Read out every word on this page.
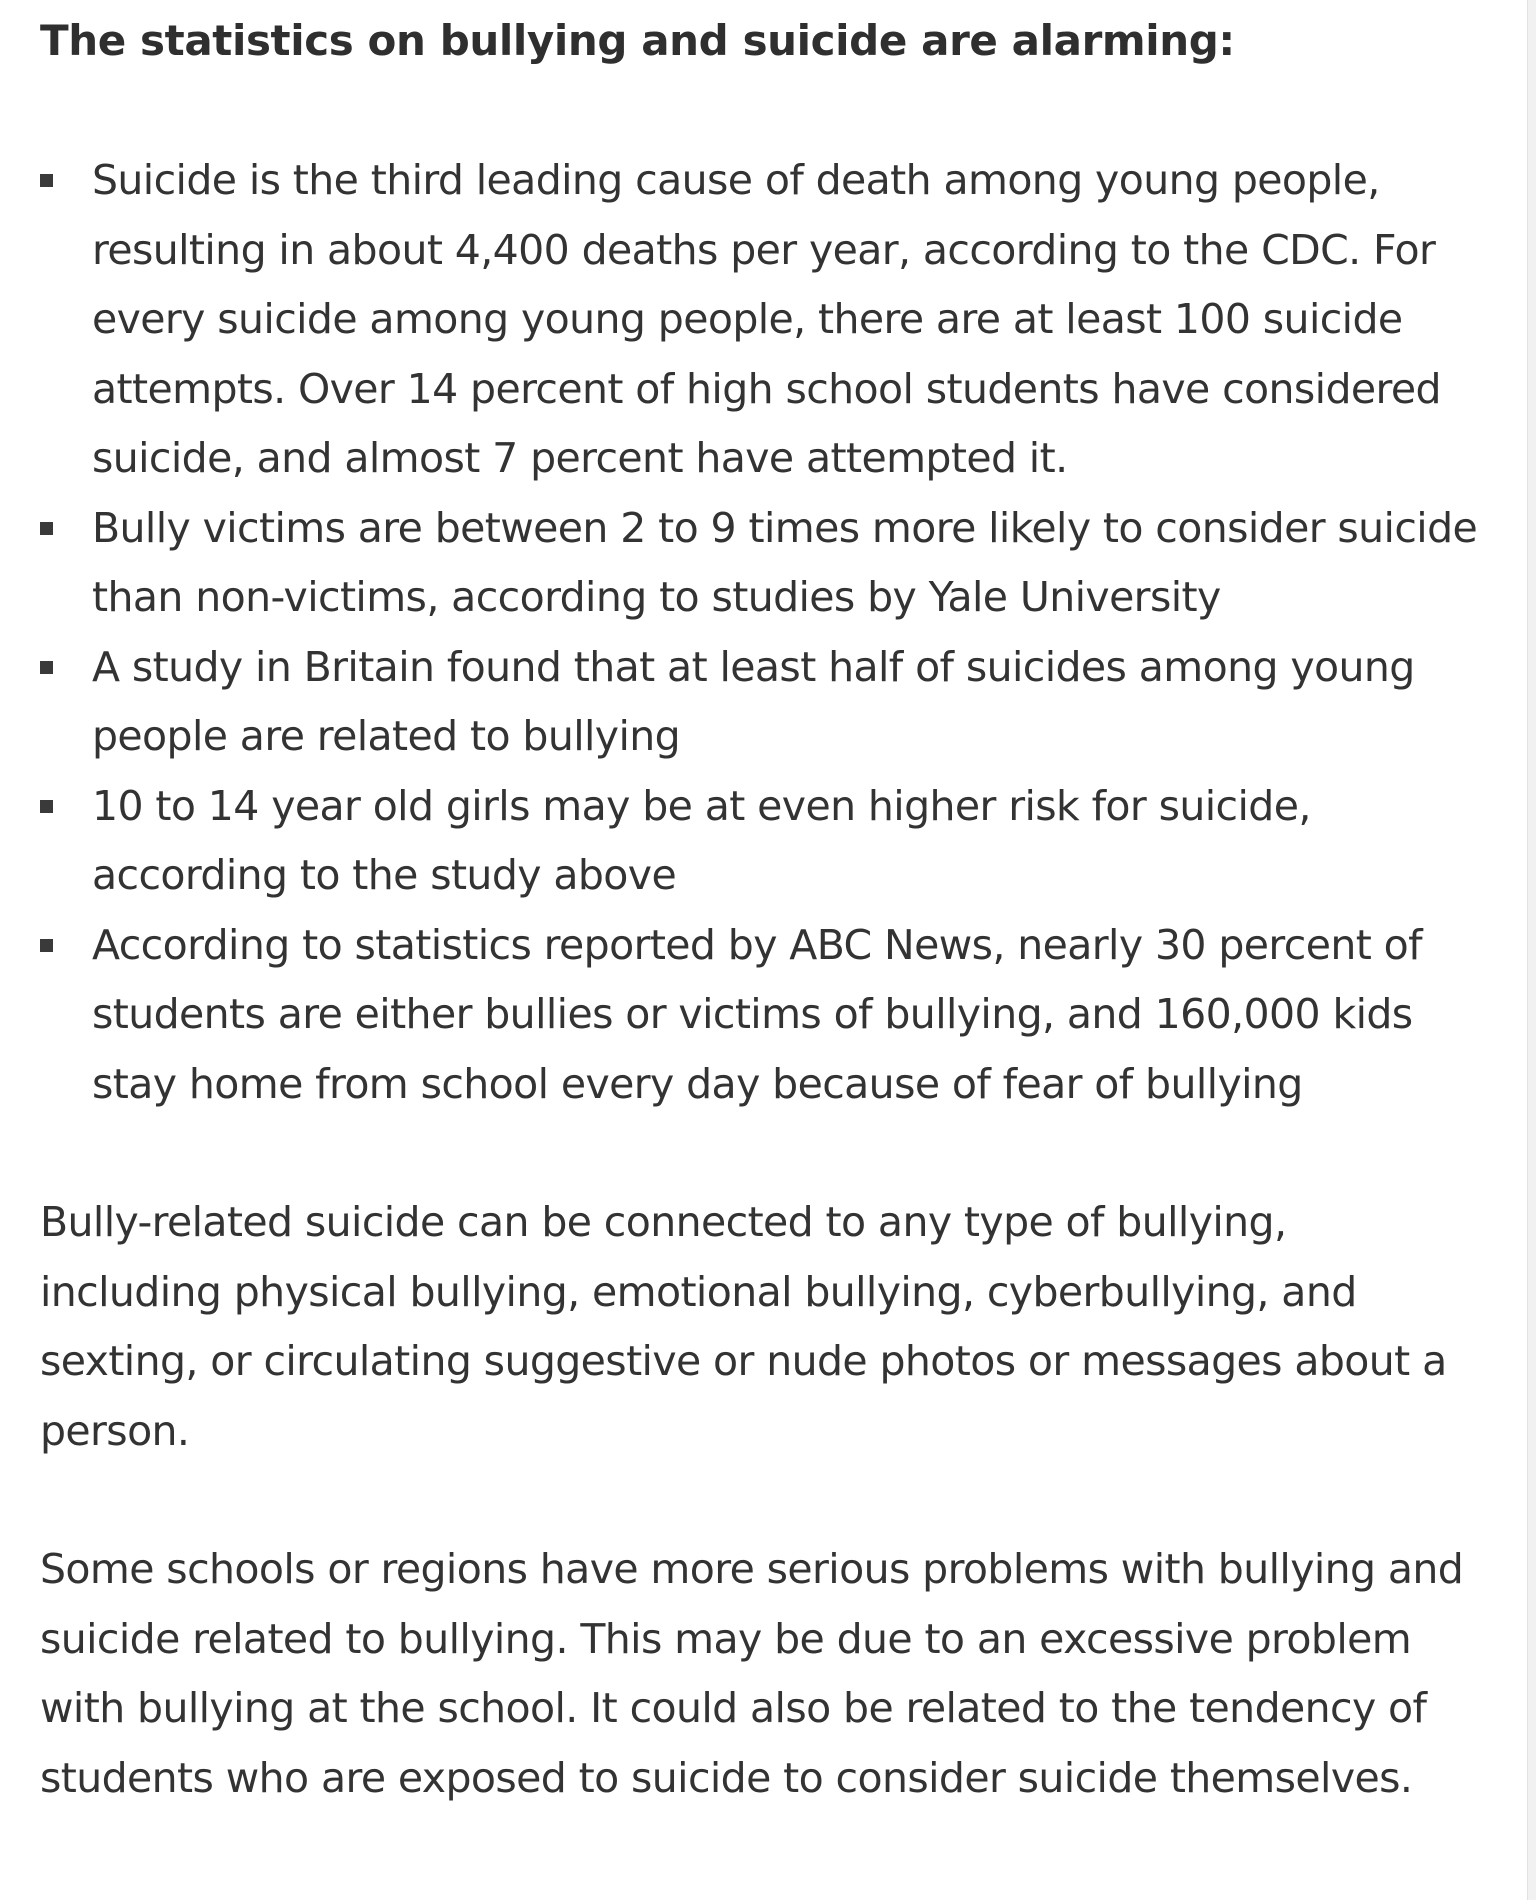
The statistics on bullying and suicide are alarming:
Suicide is the third leading cause of death among young people, resulting in about 4,400 deaths per year, according to the CDC. For every suicide among young people, there are at least 100 suicide attempts. Over 14 percent of high school students have considered suicide, and almost 7 percent have attempted it.
Bully victims are between 2 to 9 times more likely to consider suicide than non-victims, according to studies by Yale University
A study in Britain found that at least half of suicides among young people are related to bullying
10 to 14 year old girls may be at even higher risk for suicide, according to the study above
According to statistics reported by ABC News, nearly 30 percent of students are either bullies or victims of bullying, and 160,000 kids stay home from school every day because of fear of bullying

Bully-related suicide can be connected to any type of bullying, including physical bullying, emotional bullying, cyberbullying, and sexting, or circulating suggestive or nude photos or messages about a person.

Some schools or regions have more serious problems with bullying and suicide related to bullying. This may be due to an excessive problem with bullying at the school. It could also be related to the tendency of students who are exposed to suicide to consider suicide themselves.
